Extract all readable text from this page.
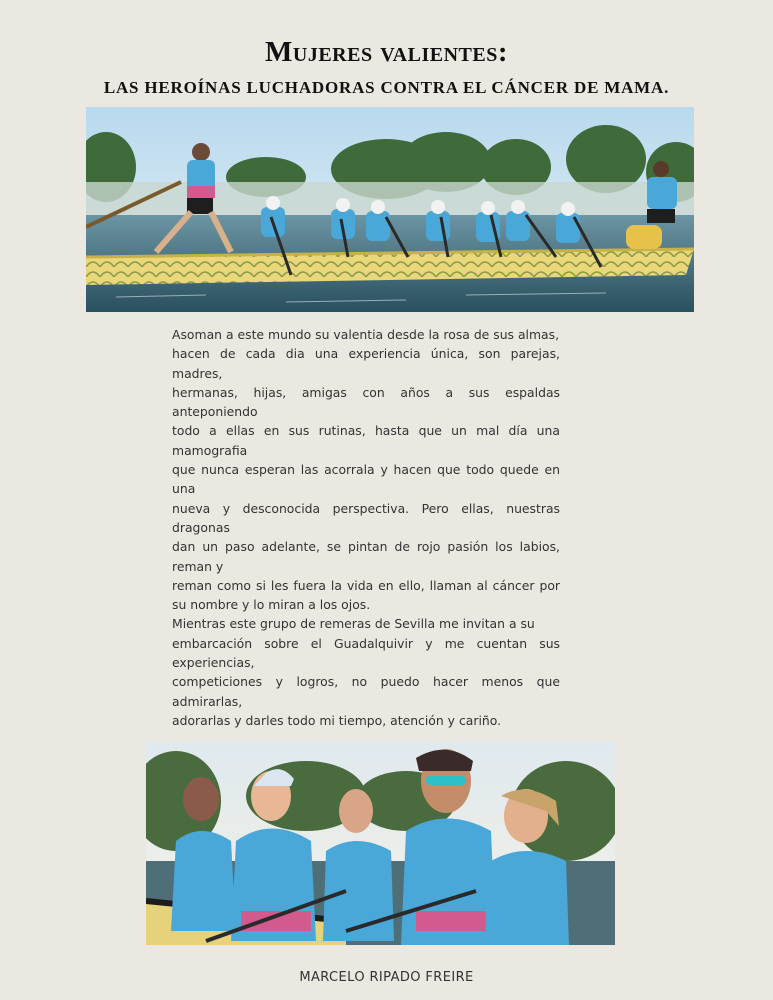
Mujeres valientes:
LAS HEROÍNAS LUCHADORAS CONTRA EL CÁNCER DE MAMA.

Asoman a este mundo su valentia desde la rosa de sus almas,

hacen de cada dia una experiencia única, son parejas, madres,

hermanas, hijas, amigas con años a sus espaldas anteponiendo

todo a ellas en sus rutinas, hasta que un mal día una mamografia

que nunca esperan las acorrala y hacen que todo quede en una

nueva y desconocida perspectiva. Pero ellas, nuestras dragonas

dan un paso adelante, se pintan de rojo pasión los labios, reman y

reman como si les fuera la vida en ello, llaman al cáncer por su nombre y lo miran a los ojos.

Mientras este grupo de remeras de Sevilla me invitan a su

embarcación sobre el Guadalquivir y me cuentan sus experiencias,

competiciones y logros, no puedo hacer menos que admirarlas,

adorarlas y darles todo mi tiempo, atención y cariño.

MARCELO RIPADO FREIRE
